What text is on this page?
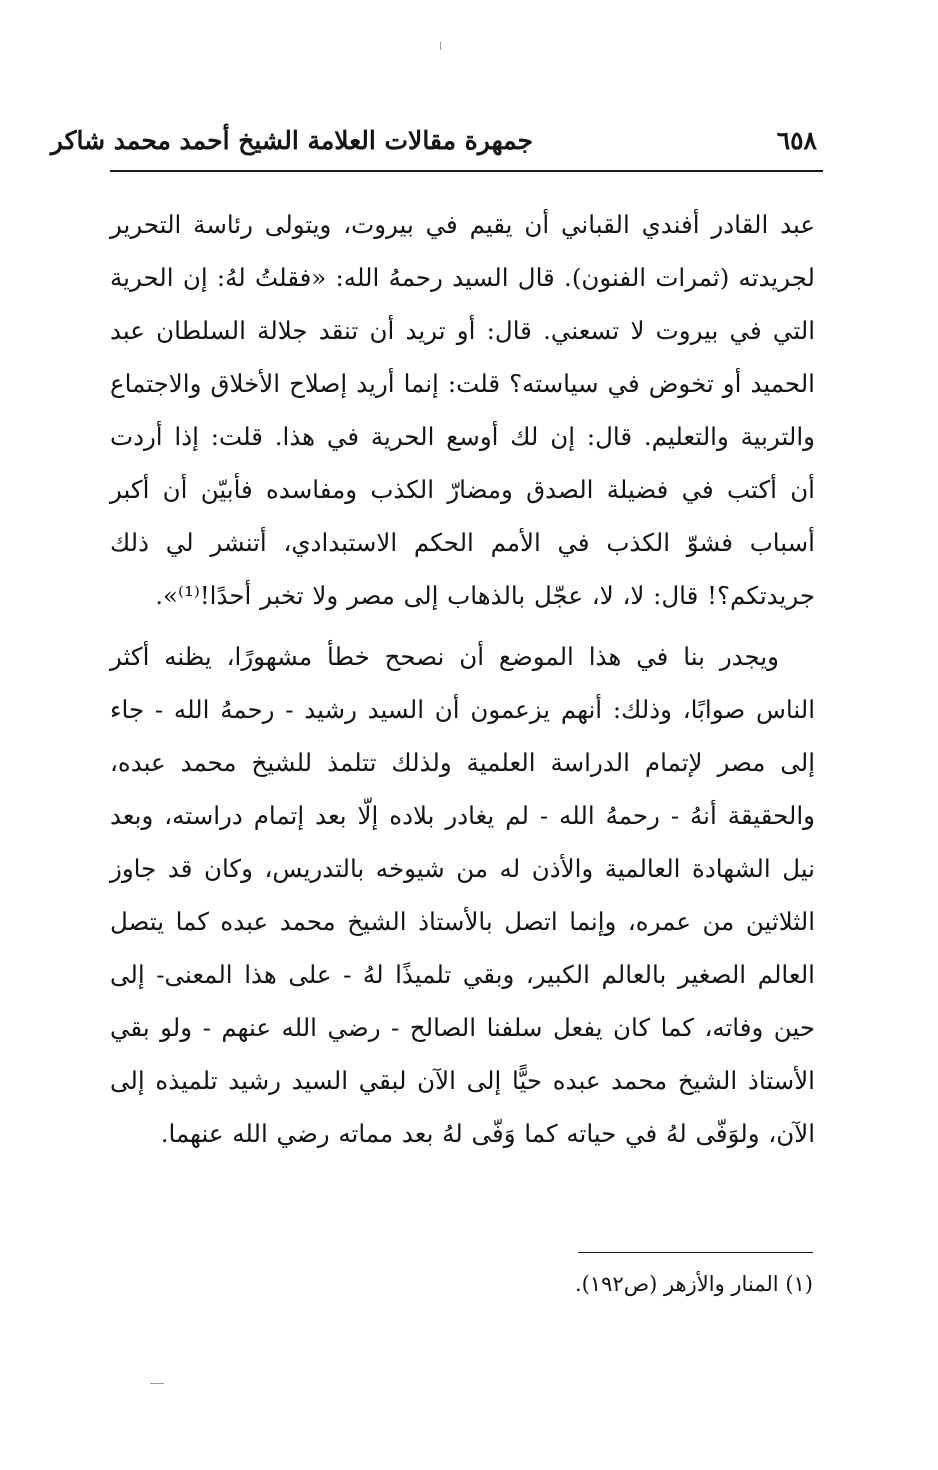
جمهرة مقالات العلامة الشيخ أحمد محمد شاكر	٦٥٨

عبد القادر أفندي القباني أن يقيم في بيروت، ويتولى رئاسة التحرير لجريدته (ثمرات الفنون). قال السيد رحمهُ الله: «فقلتُ لهُ: إن الحرية التي في بيروت لا تسعني. قال: أو تريد أن تنقد جلالة السلطان عبد الحميد أو تخوض في سياسته؟ قلت: إنما أريد إصلاح الأخلاق والاجتماع والتربية والتعليم. قال: إن لك أوسع الحرية في هذا. قلت: إذا أردت أن أكتب في فضيلة الصدق ومضارّ الكذب ومفاسده فأبيّن أن أكبر أسباب فشوّ الكذب في الأمم الحكم الاستبدادي، أتنشر لي ذلك جريدتكم؟! قال: لا، لا، عجّل بالذهاب إلى مصر ولا تخبر أحدًا!⁽¹⁾».

ويجدر بنا في هذا الموضع أن نصحح خطأ مشهورًا، يظنه أكثر الناس صوابًا، وذلك: أنهم يزعمون أن السيد رشيد - رحمهُ الله - جاء إلى مصر لإتمام الدراسة العلمية ولذلك تتلمذ للشيخ محمد عبده، والحقيقة أنهُ - رحمهُ الله - لم يغادر بلاده إلّا بعد إتمام دراسته، وبعد نيل الشهادة العالمية والأذن له من شيوخه بالتدريس، وكان قد جاوز الثلاثين من عمره، وإنما اتصل بالأستاذ الشيخ محمد عبده كما يتصل العالم الصغير بالعالم الكبير، وبقي تلميذًا لهُ - على هذا المعنى- إلى حين وفاته، كما كان يفعل سلفنا الصالح - رضي الله عنهم - ولو بقي الأستاذ الشيخ محمد عبده حيًّا إلى الآن لبقي السيد رشيد تلميذه إلى الآن، ولوَفّى لهُ في حياته كما وَفّى لهُ بعد مماته رضي الله عنهما.

(١) المنار والأزهر (ص١٩٢).
